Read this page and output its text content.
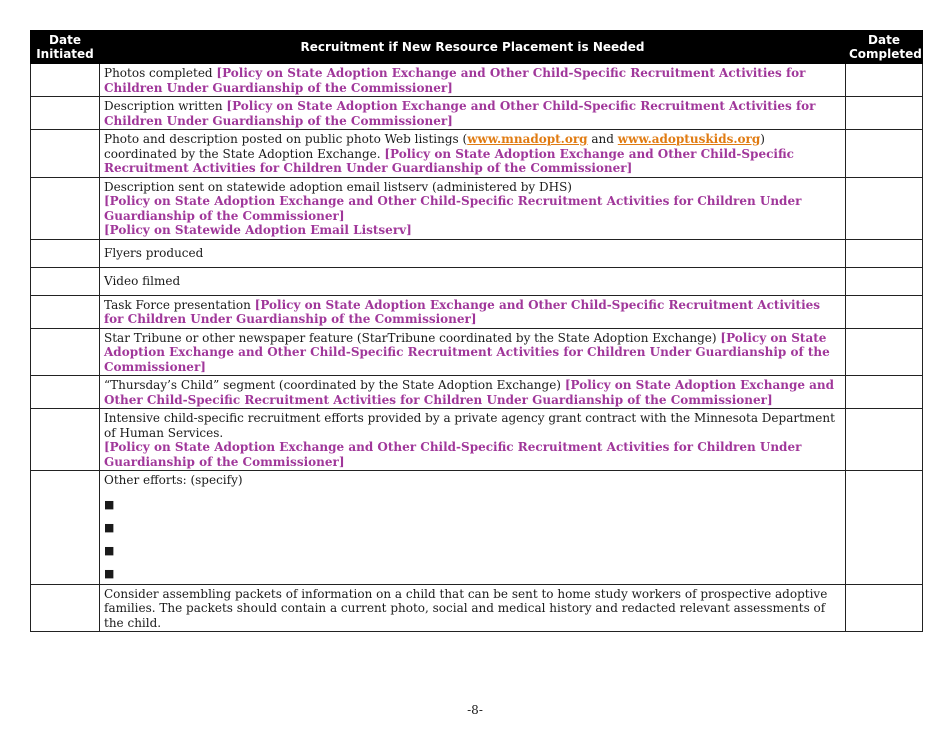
Date Initiated	Recruitment if New Resource Placement is Needed	Date Completed
	Photos completed [Policy on State Adoption Exchange and Other Child-Specific Recruitment Activities for Children Under Guardianship of the Commissioner]	
	Description written [Policy on State Adoption Exchange and Other Child-Specific Recruitment Activities for Children Under Guardianship of the Commissioner]	
	Photo and description posted on public photo Web listings (www.mnadopt.org and www.adoptuskids.org) coordinated by the State Adoption Exchange. [Policy on State Adoption Exchange and Other Child-Specific Recruitment Activities for Children Under Guardianship of the Commissioner]	
	Description sent on statewide adoption email listserv (administered by DHS)
[Policy on State Adoption Exchange and Other Child-Specific Recruitment Activities for Children Under Guardianship of the Commissioner]
[Policy on Statewide Adoption Email Listserv]	
	Flyers produced	
	Video filmed	
	Task Force presentation [Policy on State Adoption Exchange and Other Child-Specific Recruitment Activities for Children Under Guardianship of the Commissioner]	
	Star Tribune or other newspaper feature (StarTribune coordinated by the State Adoption Exchange) [Policy on State Adoption Exchange and Other Child-Specific Recruitment Activities for Children Under Guardianship of the Commissioner]	
	“Thursday’s Child” segment (coordinated by the State Adoption Exchange) [Policy on State Adoption Exchange and Other Child-Specific Recruitment Activities for Children Under Guardianship of the Commissioner]	
	Intensive child-specific recruitment efforts provided by a private agency grant contract with the Minnesota Department of Human Services.
[Policy on State Adoption Exchange and Other Child-Specific Recruitment Activities for Children Under Guardianship of the Commissioner]	
	Other efforts: (specify)
■
■
■
■	

	Consider assembling packets of information on a child that can be sent to home study workers of prospective adoptive families. The packets should contain a current photo, social and medical history and redacted relevant assessments of the child.	
-8-
